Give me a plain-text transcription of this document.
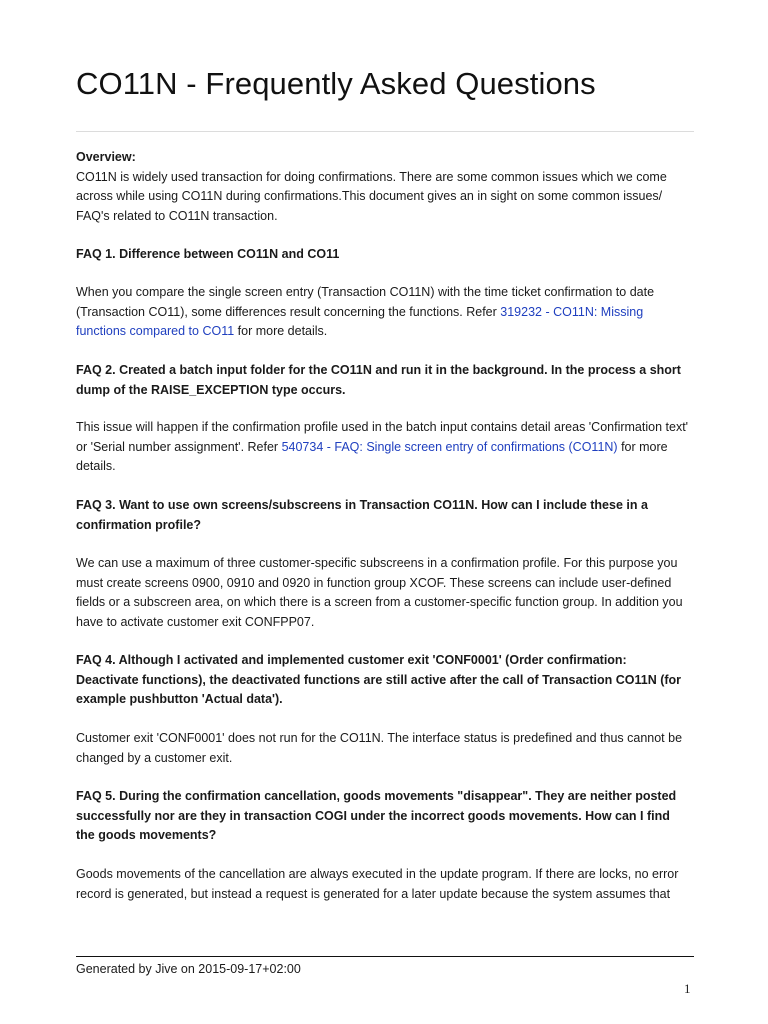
CO11N - Frequently Asked Questions

Overview:

CO11N is widely used transaction for doing confirmations. There are some common issues which we come

across while using CO11N during confirmations.This document gives an in sight on some common issues/

FAQ's related to CO11N transaction.

FAQ 1. Difference between CO11N and CO11

When you compare the single screen entry (Transaction CO11N) with the time ticket confirmation to date

(Transaction CO11), some differences result concerning the functions. Refer 319232 - CO11N: Missing

functions compared to CO11 for more details.

FAQ 2. Created a batch input folder for the CO11N and run it in the background. In the process a short

dump of the RAISE_EXCEPTION type occurs.

This issue will happen if the confirmation profile used in the batch input contains detail areas 'Confirmation text'

or 'Serial number assignment'. Refer 540734 - FAQ: Single screen entry of confirmations (CO11N) for more

details.

FAQ 3. Want to use own screens/subscreens in Transaction CO11N. How can I include these in a

confirmation profile?

We can use a maximum of three customer-specific subscreens in a confirmation profile. For this purpose you

must create screens 0900, 0910 and 0920 in function group XCOF. These screens can include user-defined

fields or a subscreen area, on which there is a screen from a customer-specific function group. In addition you

have to activate customer exit CONFPP07.

FAQ 4. Although I activated and implemented customer exit 'CONF0001' (Order confirmation:

Deactivate functions), the deactivated functions are still active after the call of Transaction CO11N (for

example pushbutton 'Actual data').

Customer exit 'CONF0001' does not run for the CO11N. The interface status is predefined and thus cannot be

changed by a customer exit.

FAQ 5. During the confirmation cancellation, goods movements "disappear". They are neither posted

successfully nor are they in transaction COGI under the incorrect goods movements. How can I find

the goods movements?

Goods movements of the cancellation are always executed in the update program. If there are locks, no error

record is generated, but instead a request is generated for a later update because the system assumes that

Generated by Jive on 2015-09-17+02:00
1
